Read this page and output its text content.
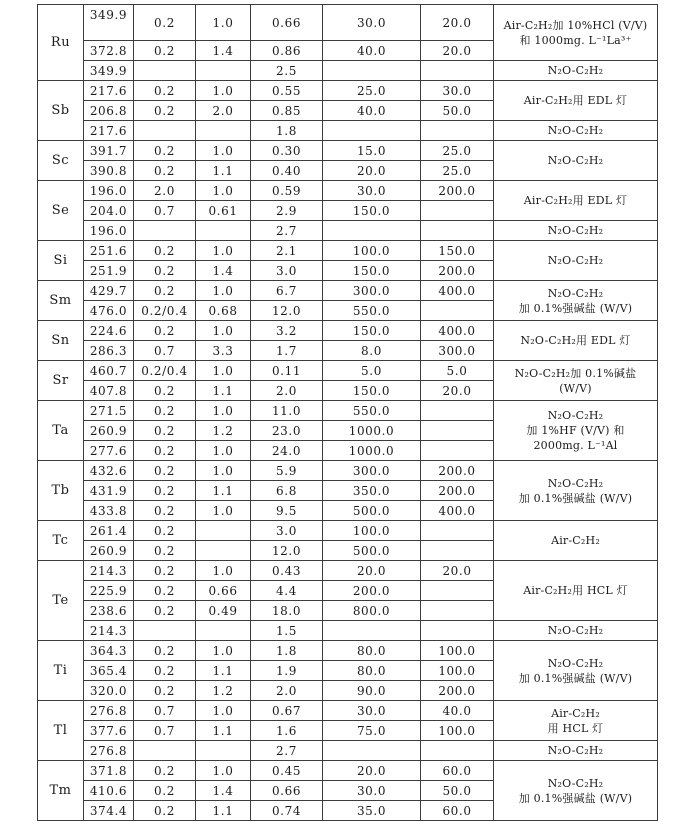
Ru	349.9	0.2	1.0	0.66	30.0	20.0	Air-C₂H₂加 10%HCl (V/V)
和 1000mg. L⁻¹La³⁺

	372.8	0.2	1.4	0.86	40.0	20.0	
	349.9			2.5			N₂O-C₂H₂

Sb	217.6	0.2	1.0	0.55	25.0	30.0	Air-C₂H₂用 EDL 灯

	206.8	0.2	2.0	0.85	40.0	50.0	
	217.6			1.8			N₂O-C₂H₂

Sc	391.7	0.2	1.0	0.30	15.0	25.0	N₂O-C₂H₂

	390.8	0.2	1.1	0.40	20.0	25.0	
Se	196.0	2.0	1.0	0.59	30.0	200.0	Air-C₂H₂用 EDL 灯

	204.0	0.7	0.61	2.9	150.0		
	196.0			2.7			N₂O-C₂H₂

Si	251.6	0.2	1.0	2.1	100.0	150.0	N₂O-C₂H₂

	251.9	0.2	1.4	3.0	150.0	200.0	
Sm	429.7	0.2	1.0	6.7	300.0	400.0	N₂O-C₂H₂
加 0.1%强碱盐 (W/V)

	476.0	0.2/0.4	0.68	12.0	550.0		
Sn	224.6	0.2	1.0	3.2	150.0	400.0	N₂O-C₂H₂用 EDL 灯

	286.3	0.7	3.3	1.7	8.0	300.0	
Sr	460.7	0.2/0.4	1.0	0.11	5.0	5.0	N₂O-C₂H₂加 0.1%碱盐
(W/V)

	407.8	0.2	1.1	2.0	150.0	20.0	
Ta	271.5	0.2	1.0	11.0	550.0		N₂O-C₂H₂
加 1%HF (V/V) 和
2000mg. L⁻¹Al

	260.9	0.2	1.2	23.0	1000.0		
	277.6	0.2	1.0	24.0	1000.0		
Tb	432.6	0.2	1.0	5.9	300.0	200.0	N₂O-C₂H₂
加 0.1%强碱盐 (W/V)

	431.9	0.2	1.1	6.8	350.0	200.0	
	433.8	0.2	1.0	9.5	500.0	400.0	
Tc	261.4	0.2		3.0	100.0		Air-C₂H₂

	260.9	0.2		12.0	500.0		
Te	214.3	0.2	1.0	0.43	20.0	20.0	Air-C₂H₂用 HCL 灯

	225.9	0.2	0.66	4.4	200.0		
	238.6	0.2	0.49	18.0	800.0		
	214.3			1.5			N₂O-C₂H₂

Ti	364.3	0.2	1.0	1.8	80.0	100.0	N₂O-C₂H₂
加 0.1%强碱盐 (W/V)

	365.4	0.2	1.1	1.9	80.0	100.0	
	320.0	0.2	1.2	2.0	90.0	200.0	
Tl	276.8	0.7	1.0	0.67	30.0	40.0	Air-C₂H₂
用 HCL 灯

	377.6	0.7	1.1	1.6	75.0	100.0	
	276.8			2.7			N₂O-C₂H₂

Tm	371.8	0.2	1.0	0.45	20.0	60.0	N₂O-C₂H₂
加 0.1%强碱盐 (W/V)

	410.6	0.2	1.4	0.66	30.0	50.0	
	374.4	0.2	1.1	0.74	35.0	60.0	
